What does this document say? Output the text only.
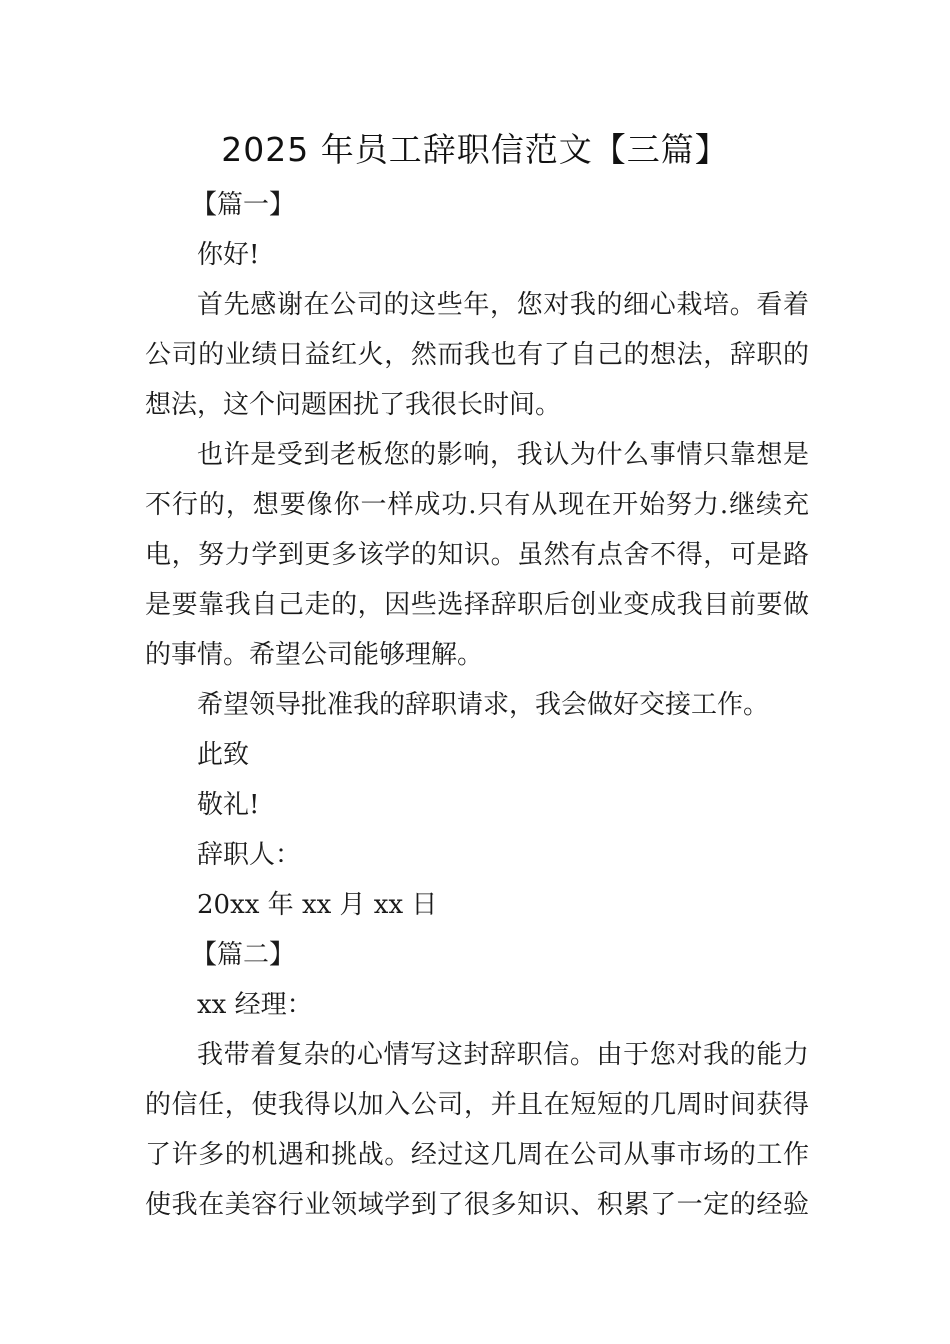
2025 年员工辞职信范文【三篇】

【篇一】

你好!

首先感谢在公司的这些年，您对我的细心栽培。看着

公司的业绩日益红火，然而我也有了自己的想法，辞职的

想法，这个问题困扰了我很长时间。

也许是受到老板您的影响，我认为什么事情只靠想是

不行的，想要像你一样成功.只有从现在开始努力.继续充

电，努力学到更多该学的知识。虽然有点舍不得，可是路

是要靠我自己走的，因些选择辞职后创业变成我目前要做

的事情。希望公司能够理解。

希望领导批准我的辞职请求，我会做好交接工作。

此致

敬礼!

辞职人：

20xx 年 xx 月 xx 日

【篇二】

xx 经理：

我带着复杂的心情写这封辞职信。由于您对我的能力

的信任，使我得以加入公司，并且在短短的几周时间获得

了许多的机遇和挑战。经过这几周在公司从事市场的工作

使我在美容行业领域学到了很多知识、积累了一定的经验
